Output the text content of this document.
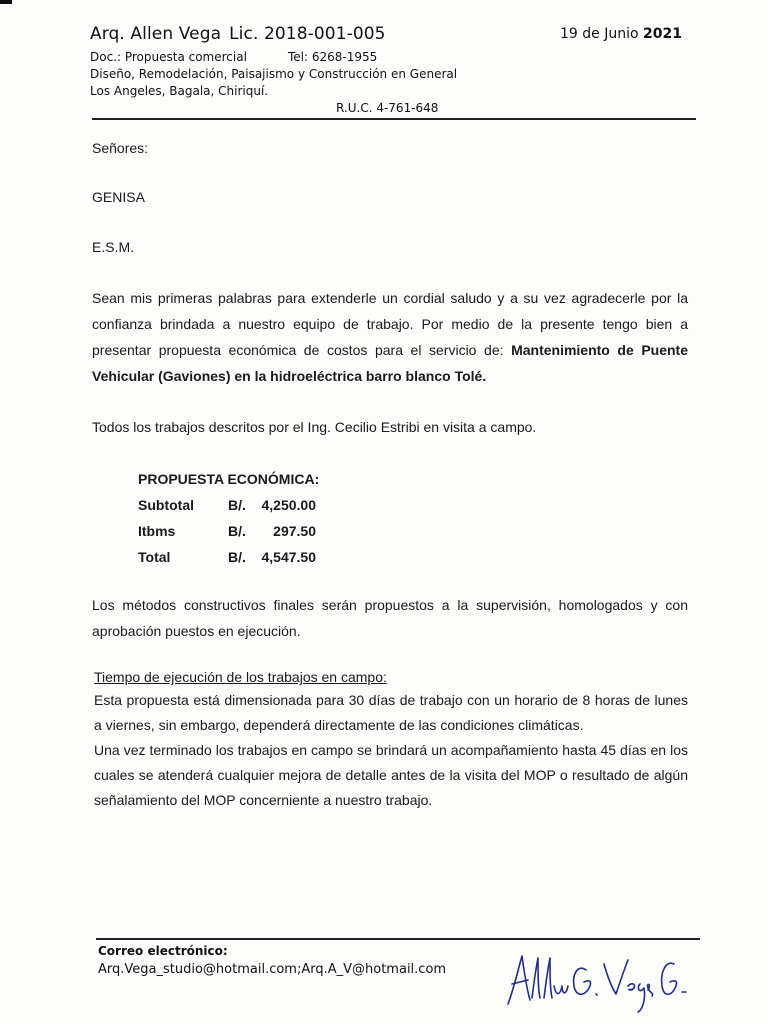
Arq. Allen Vega Lic. 2018-001-005	19 de Junio 2021
Doc.: Propuesta comercial	Tel: 6268-1955
Diseño, Remodelación, Paisajismo y Construcción en General
Los Angeles, Bagala, Chiriquí.
R.U.C. 4-761-648
Señores:
GENISA
E.S.M.
Sean mis primeras palabras para extenderle un cordial saludo y a su vez agradecerle por la confianza brindada a nuestro equipo de trabajo. Por medio de la presente tengo bien a presentar propuesta económica de costos para el servicio de: Mantenimiento de Puente Vehicular (Gaviones) en la hidroeléctrica barro blanco Tolé.
Todos los trabajos descritos por el Ing. Cecilio Estribi en visita a campo.
PROPUESTA ECONÓMICA:
Subtotal	B/.	4,250.00
Itbms	B/.	297.50
Total	B/.	4,547.50
Los métodos constructivos finales serán propuestos a la supervisión, homologados y con aprobación puestos en ejecución.
Tiempo de ejecución de los trabajos en campo:
Esta propuesta está dimensionada para 30 días de trabajo con un horario de 8 horas de lunes a viernes, sin embargo, dependerá directamente de las condiciones climáticas.
Una vez terminado los trabajos en campo se brindará un acompañamiento hasta 45 días en los cuales se atenderá cualquier mejora de detalle antes de la visita del MOP o resultado de algún señalamiento del MOP concerniente a nuestro trabajo.
Correo electrónico:
Arq.Vega_studio@hotmail.com;Arq.A_V@hotmail.com
